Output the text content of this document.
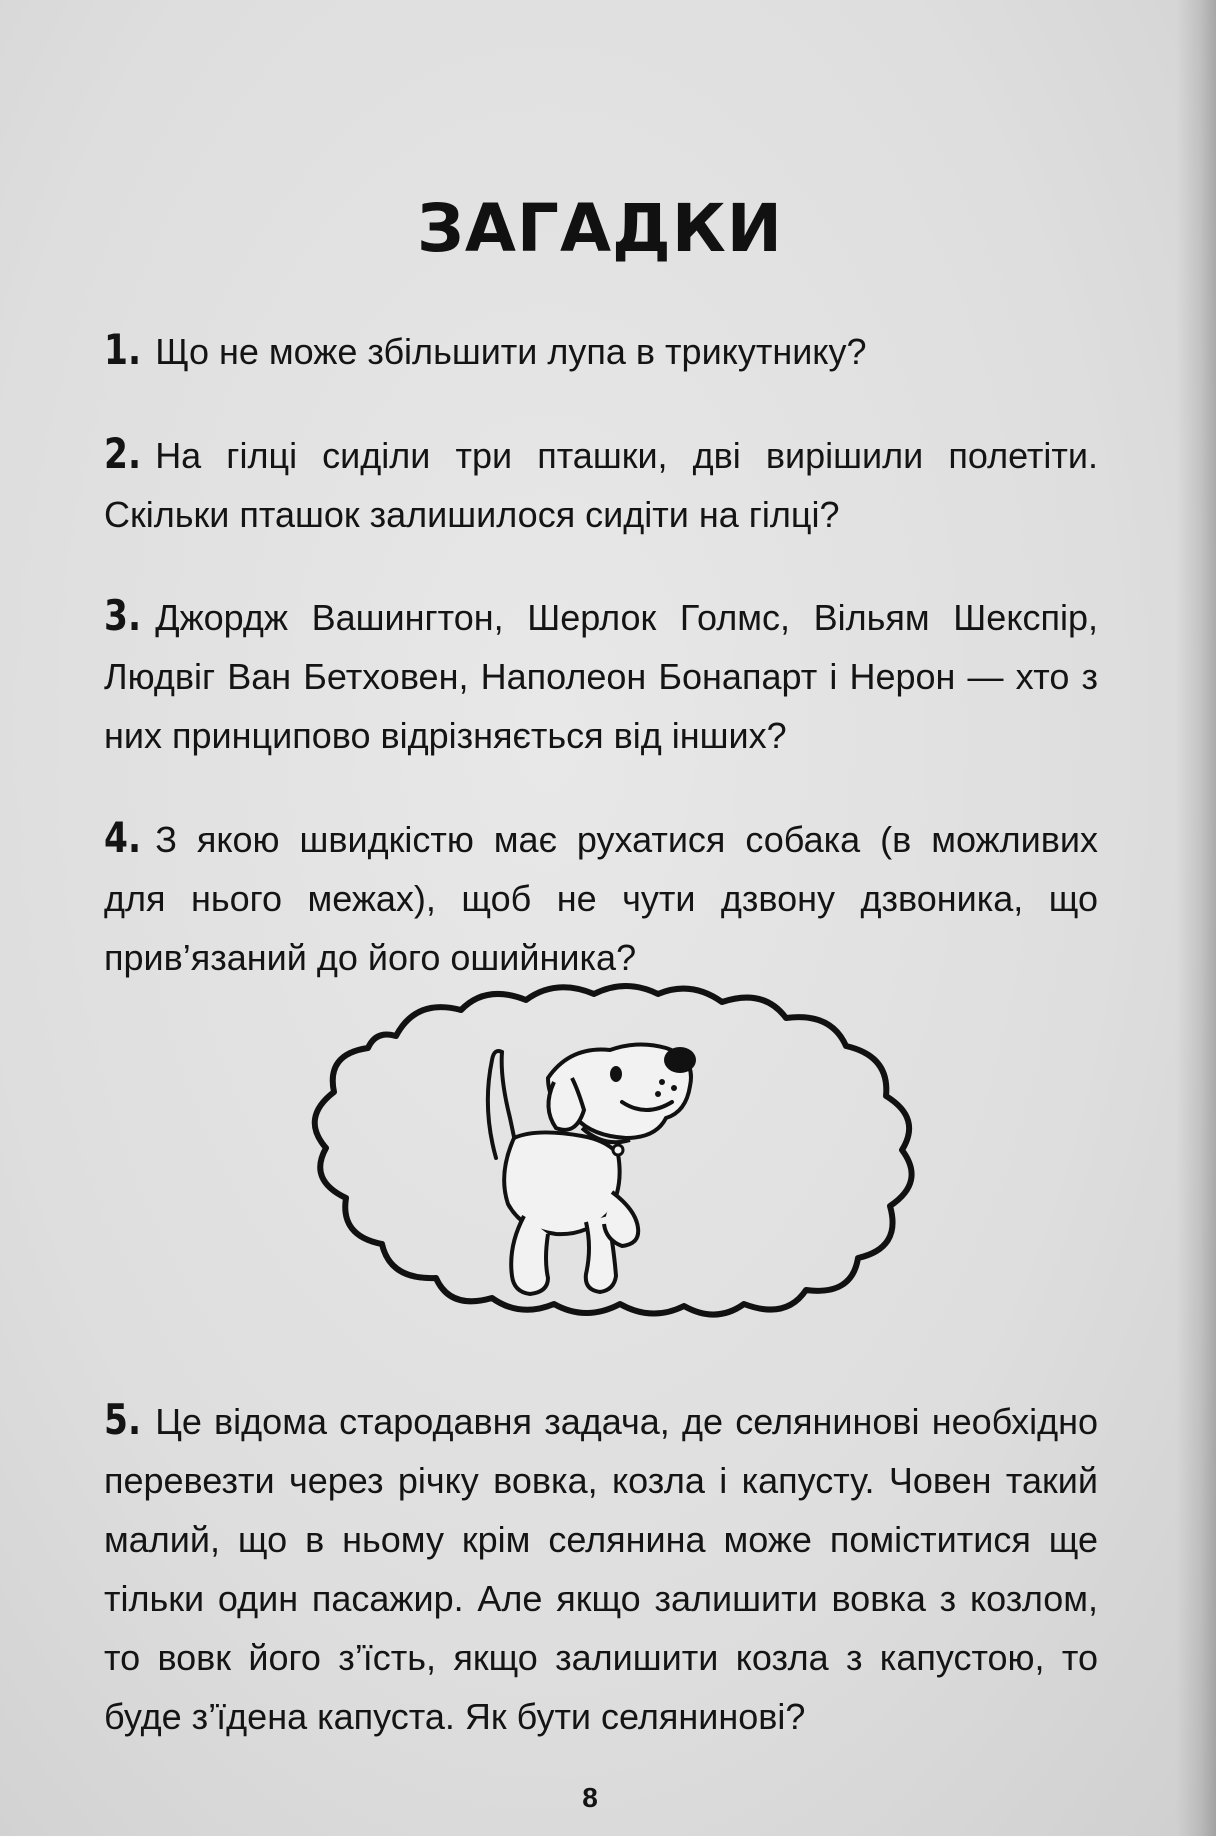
ЗАГАДКИ
1. Що не може збільшити лупа в трикутнику?
2. На гілці сиділи три пташки, дві вирішили полетіти. Скільки пташок залишилося сидіти на гілці?
3. Джордж Вашингтон, Шерлок Голмс, Вільям Шекспір, Людвіг Ван Бетховен, Наполеон Бонапарт і Нерон — хто з них принципово відрізняється від інших?
4. З якою швидкістю має рухатися собака (в можливих для нього межах), щоб не чути дзвону дзвоника, що прив’язаний до його ошийника?
5. Це відома стародавня задача, де селянинові необхідно перевезти через річку вовка, козла і капусту. Човен такий малий, що в ньому крім селянина може поміститися ще тільки один пасажир. Але якщо залишити вовка з козлом, то вовк його з’їсть, якщо залишити козла з капустою, то буде з’їдена капуста. Як бути селянинові?
8
